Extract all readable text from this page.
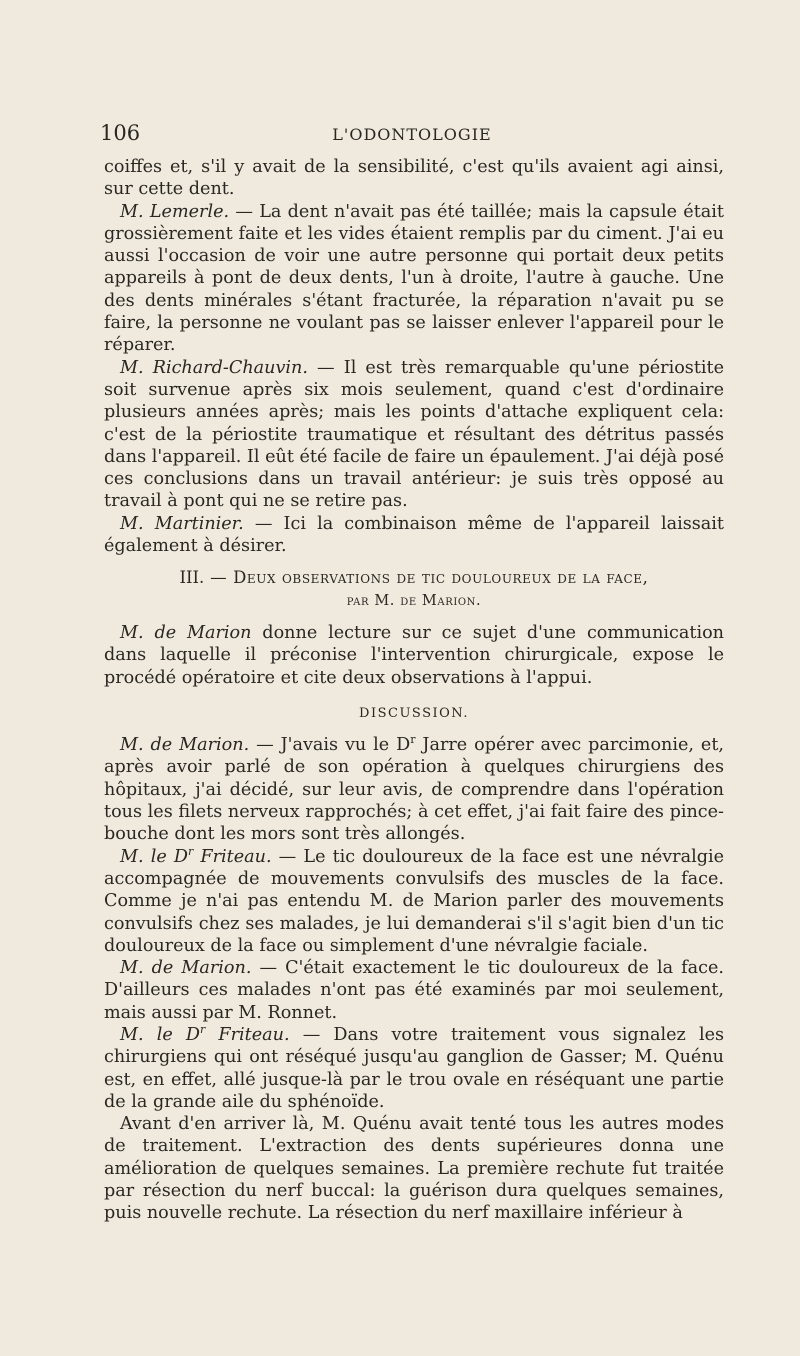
106	L'ODONTOLOGIE

coiffes et, s'il y avait de la sensibilité, c'est qu'ils avaient agi ainsi, sur cette dent.

M. Lemerle. — La dent n'avait pas été taillée; mais la capsule était grossièrement faite et les vides étaient remplis par du ciment. J'ai eu aussi l'occasion de voir une autre personne qui portait deux petits appareils à pont de deux dents, l'un à droite, l'autre à gauche. Une des dents minérales s'étant fracturée, la réparation n'avait pu se faire, la personne ne voulant pas se laisser enlever l'appareil pour le réparer.

M. Richard-Chauvin. — Il est très remarquable qu'une périostite soit survenue après six mois seulement, quand c'est d'ordinaire plusieurs années après; mais les points d'attache expliquent cela: c'est de la périostite traumatique et résultant des détritus passés dans l'appareil. Il eût été facile de faire un épaulement. J'ai déjà posé ces conclusions dans un travail antérieur: je suis très opposé au travail à pont qui ne se retire pas.

M. Martinier. — Ici la combinaison même de l'appareil laissait également à désirer.

III. — Deux observations de tic douloureux de la face,
par M. de Marion.

M. de Marion donne lecture sur ce sujet d'une communication dans laquelle il préconise l'intervention chirurgicale, expose le procédé opératoire et cite deux observations à l'appui.

DISCUSSION.

M. de Marion. — J'avais vu le $D^r$ Jarre opérer avec parcimonie, et, après avoir parlé de son opération à quelques chirurgiens des hôpitaux, j'ai décidé, sur leur avis, de comprendre dans l'opération tous les filets nerveux rapprochés; à cet effet, j'ai fait faire des pince-bouche dont les mors sont très allongés.

M. le $D^r$ Friteau. — Le tic douloureux de la face est une névralgie accompagnée de mouvements convulsifs des muscles de la face. Comme je n'ai pas entendu M. de Marion parler des mouvements convulsifs chez ses malades, je lui demanderai s'il s'agit bien d'un tic douloureux de la face ou simplement d'une névralgie faciale.

M. de Marion. — C'était exactement le tic douloureux de la face. D'ailleurs ces malades n'ont pas été examinés par moi seulement, mais aussi par M. Ronnet.

M. le $D^r$ Friteau. — Dans votre traitement vous signalez les chirurgiens qui ont réséqué jusqu'au ganglion de Gasser; M. Quénu est, en effet, allé jusque-là par le trou ovale en réséquant une partie de la grande aile du sphénoïde.

Avant d'en arriver là, M. Quénu avait tenté tous les autres modes de traitement. L'extraction des dents supérieures donna une amélioration de quelques semaines. La première rechute fut traitée par résection du nerf buccal: la guérison dura quelques semaines, puis nouvelle rechute. La résection du nerf maxillaire inférieur à
